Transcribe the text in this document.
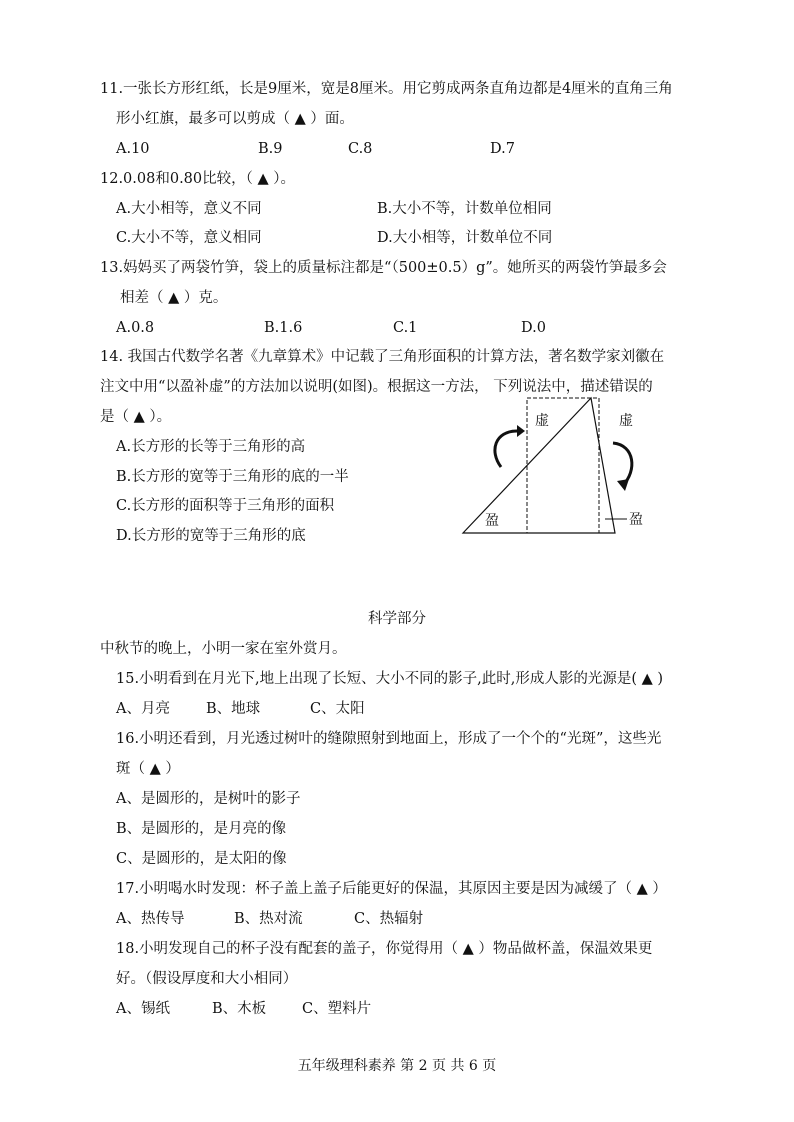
11.一张长方形红纸，长是9厘米，宽是8厘米。用它剪成两条直角边都是4厘米的直角三角
形小红旗，最多可以剪成（ ▲ ）面。
A.10	B.9	C.8	D.7
12.0.08和0.80比较，（ ▲ ）。
A.大小相等，意义不同	B.大小不等，计数单位相同
C.大小不等，意义相同	D.大小相等，计数单位不同
13.妈妈买了两袋竹笋，袋上的质量标注都是“（500±0.5）g”。她所买的两袋竹笋最多会
相差（ ▲ ）克。
A.0.8	B.1.6	C.1	D.0
14. 我国古代数学名著《九章算术》中记载了三角形面积的计算方法，著名数学家刘徽在
注文中用“以盈补虚”的方法加以说明(如图)。根据这一方法， 下列说法中，描述错误的
是（ ▲ ）。
A.长方形的长等于三角形的高
B.长方形的宽等于三角形的底的一半
C.长方形的面积等于三角形的面积
D.长方形的宽等于三角形的底
虚	虚
盈	盈
科学部分
中秋节的晚上，小明一家在室外赏月。
15.小明看到在月光下,地上出现了长短、大小不同的影子,此时,形成人影的光源是( ▲ )
A、月亮 B、地球	C、太阳
16.小明还看到，月光透过树叶的缝隙照射到地面上，形成了一个个的“光斑”，这些光
斑（ ▲ ）
A、是圆形的，是树叶的影子
B、是圆形的，是月亮的像
C、是圆形的，是太阳的像
17.小明喝水时发现：杯子盖上盖子后能更好的保温，其原因主要是因为减缓了（ ▲ ）
A、热传导	B、热对流	C、热辐射
18.小明发现自己的杯子没有配套的盖子，你觉得用（ ▲ ）物品做杯盖，保温效果更
好。（假设厚度和大小相同）
A、锡纸	B、木板 C、塑料片
五年级理科素养 第 2 页 共 6 页
